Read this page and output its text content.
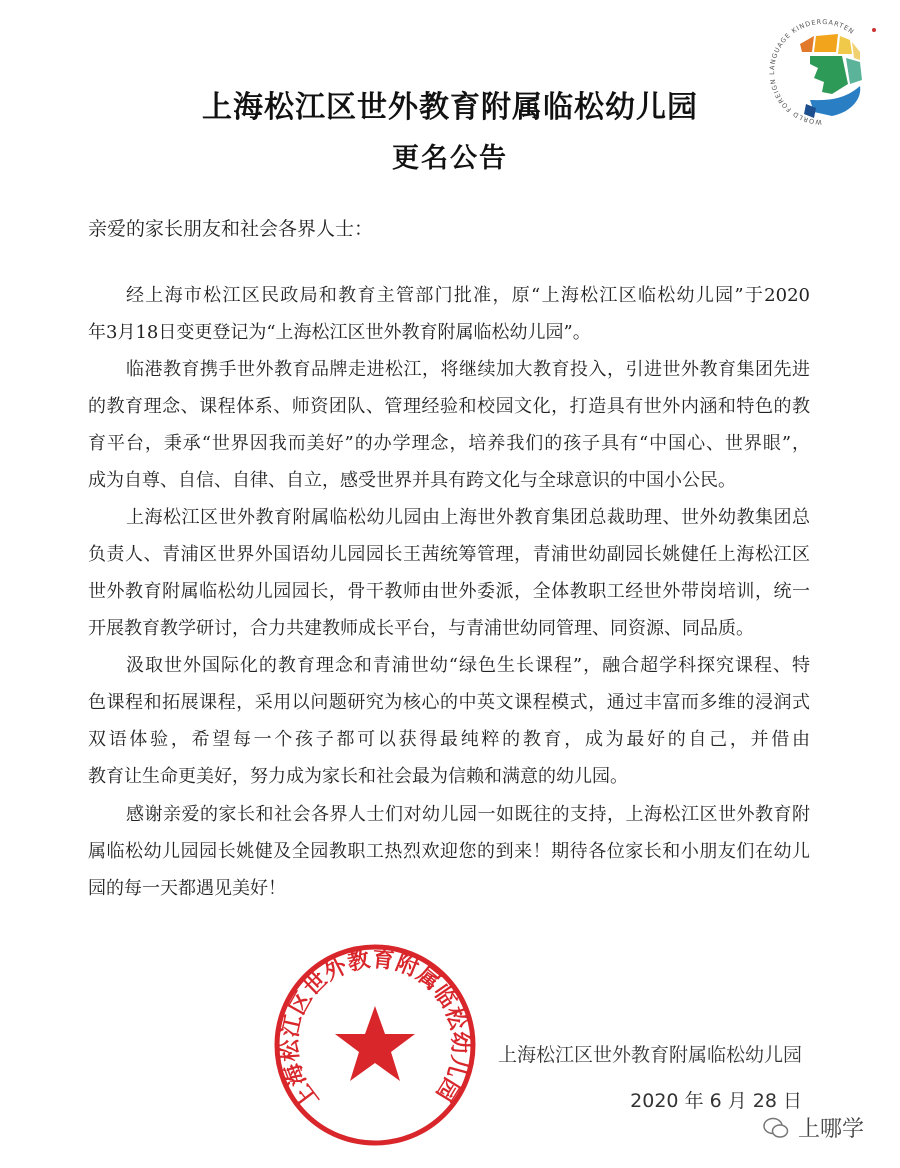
WORLD FOREIGN LANGUAGE KINDERGARTEN
上海松江区世外教育附属临松幼儿园
更名公告
亲爱的家长朋友和社会各界人士：
经上海市松江区民政局和教育主管部门批准，原“上海松江区临松幼儿园”于2020
年3月18日变更登记为“上海松江区世外教育附属临松幼儿园”。
临港教育携手世外教育品牌走进松江，将继续加大教育投入，引进世外教育集团先进
的教育理念、课程体系、师资团队、管理经验和校园文化，打造具有世外内涵和特色的教
育平台，秉承“世界因我而美好”的办学理念，培养我们的孩子具有“中国心、世界眼”，
成为自尊、自信、自律、自立，感受世界并具有跨文化与全球意识的中国小公民。
上海松江区世外教育附属临松幼儿园由上海世外教育集团总裁助理、世外幼教集团总
负责人、青浦区世界外国语幼儿园园长王茜统筹管理，青浦世幼副园长姚健任上海松江区
世外教育附属临松幼儿园园长，骨干教师由世外委派，全体教职工经世外带岗培训，统一
开展教育教学研讨，合力共建教师成长平台，与青浦世幼同管理、同资源、同品质。
汲取世外国际化的教育理念和青浦世幼“绿色生长课程”，融合超学科探究课程、特
色课程和拓展课程，采用以问题研究为核心的中英文课程模式，通过丰富而多维的浸润式
双语体验，希望每一个孩子都可以获得最纯粹的教育，成为最好的自己，并借由
教育让生命更美好，努力成为家长和社会最为信赖和满意的幼儿园。
感谢亲爱的家长和社会各界人士们对幼儿园一如既往的支持，上海松江区世外教育附
属临松幼儿园园长姚健及全园教职工热烈欢迎您的到来！期待各位家长和小朋友们在幼儿
园的每一天都遇见美好！
上海松江区世外教育附属临松幼儿园
上海松江区世外教育附属临松幼儿园
2020 年 6 月 28 日
上哪学
